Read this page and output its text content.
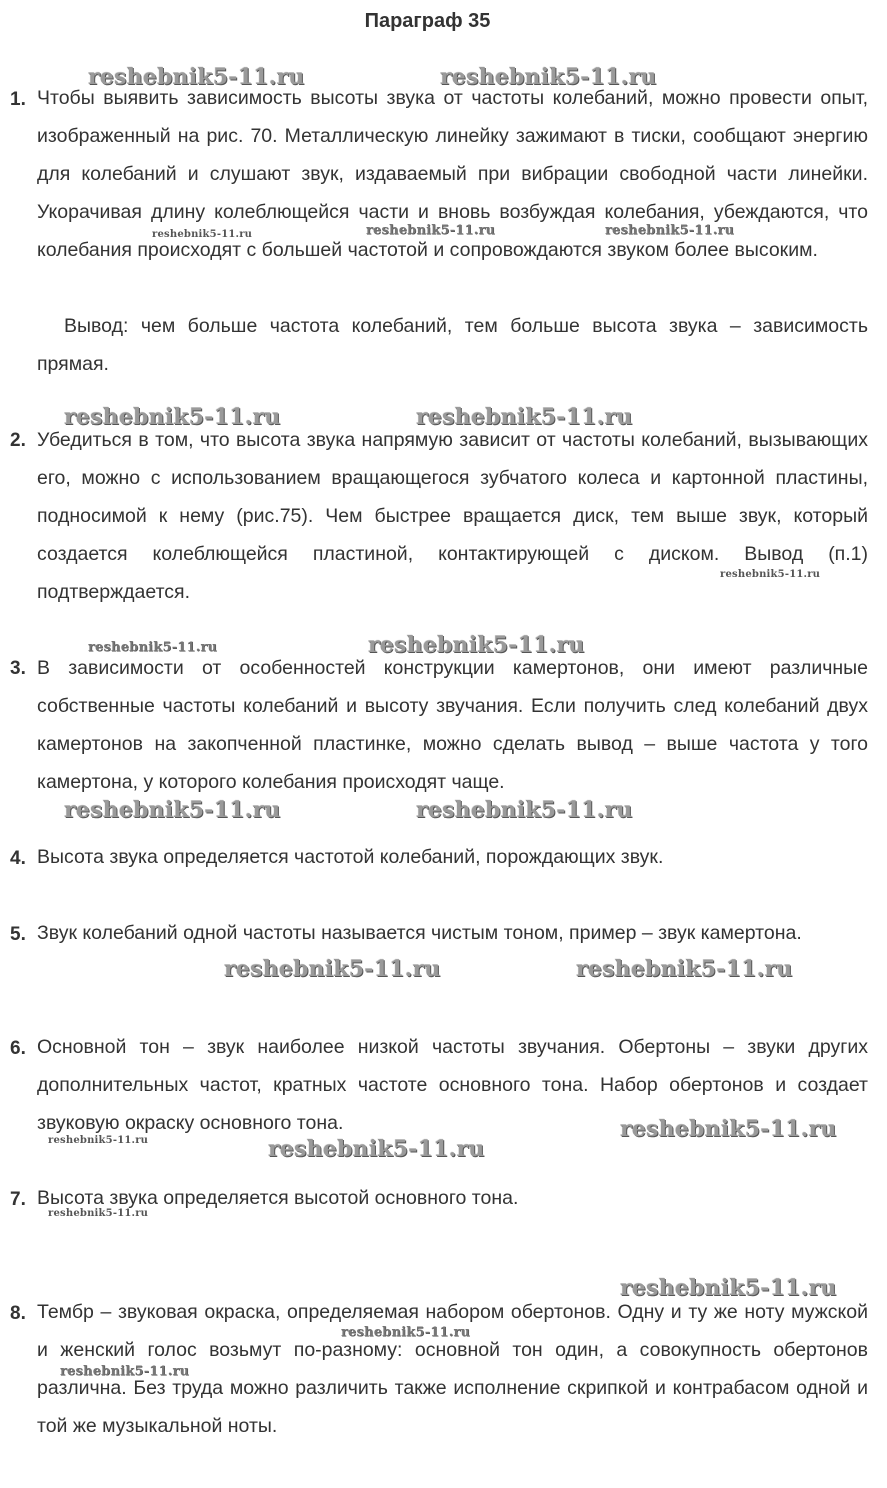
Параграф 35
1. Чтобы выявить зависимость высоты звука от частоты колебаний, можно провести опыт, изображенный на рис. 70. Металлическую линейку зажимают в тиски, сообщают энергию для колебаний и слушают звук, издаваемый при вибрации свободной части линейки. Укорачивая длину колеблющейся части и вновь возбуждая колебания, убеждаются, что колебания происходят с большей частотой и сопровождаются звуком более высоким.

Вывод: чем больше частота колебаний, тем больше высота звука – зависимость прямая.

2. Убедиться в том, что высота звука напрямую зависит от частоты колебаний, вызывающих его, можно с использованием вращающегося зубчатого колеса и картонной пластины, подносимой к нему (рис.75). Чем быстрее вращается диск, тем выше звук, который создается колеблющейся пластиной, контактирующей с диском. Вывод (п.1) подтверждается.

3. В зависимости от особенностей конструкции камертонов, они имеют различные собственные частоты колебаний и высоту звучания. Если получить след колебаний двух камертонов на закопченной пластинке, можно сделать вывод – выше частота у того камертона, у которого колебания происходят чаще.

4. Высота звука определяется частотой колебаний, порождающих звук.

5. Звук колебаний одной частоты называется чистым тоном, пример – звук камертона.

6. Основной тон – звук наиболее низкой частоты звучания. Обертоны – звуки других дополнительных частот, кратных частоте основного тона. Набор обертонов и создает звуковую окраску основного тона.

7. Высота звука определяется высотой основного тона.

8. Тембр – звуковая окраска, определяемая набором обертонов. Одну и ту же ноту мужской и женский голос возьмут по-разному: основной тон один, а совокупность обертонов различна. Без труда можно различить также исполнение скрипкой и контрабасом одной и той же музыкальной ноты.

reshebnik5-11.ru	reshebnik5-11.ru
reshebnik5-11.ru	reshebnik5-11.ru	reshebnik5-11.ru
reshebnik5-11.ru	reshebnik5-11.ru
reshebnik5-11.ru
reshebnik5-11.ru	reshebnik5-11.ru
reshebnik5-11.ru	reshebnik5-11.ru
reshebnik5-11.ru	reshebnik5-11.ru
reshebnik5-11.ru
reshebnik5-11.ru	reshebnik5-11.ru
reshebnik5-11.ru
reshebnik5-11.ru
reshebnik5-11.ru
reshebnik5-11.ru
